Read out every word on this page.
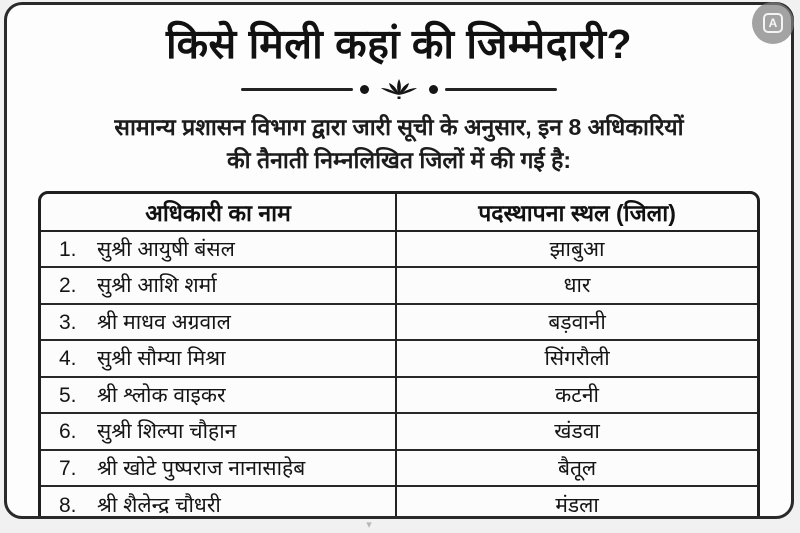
किसे मिली कहां की जिम्मेदारी?
सामान्य प्रशासन विभाग द्वारा जारी सूची के अनुसार, इन 8 अधिकारियों
की तैनाती निम्नलिखित जिलों में की गई है:
अधिकारी का नाम	पदस्थापना स्थल (जिला)
1. सुश्री आयुषी बंसल	झाबुआ
2. सुश्री आशि शर्मा	धार
3. श्री माधव अग्रवाल	बड़वानी
4. सुश्री सौम्या मिश्रा	सिंगरौली
5. श्री श्लोक वाइकर	कटनी
6. सुश्री शिल्पा चौहान	खंडवा
7. श्री खोटे पुष्पराज नानासाहेब	बैतूल
8. श्री शैलेन्द्र चौधरी	मंडला
A
▾
